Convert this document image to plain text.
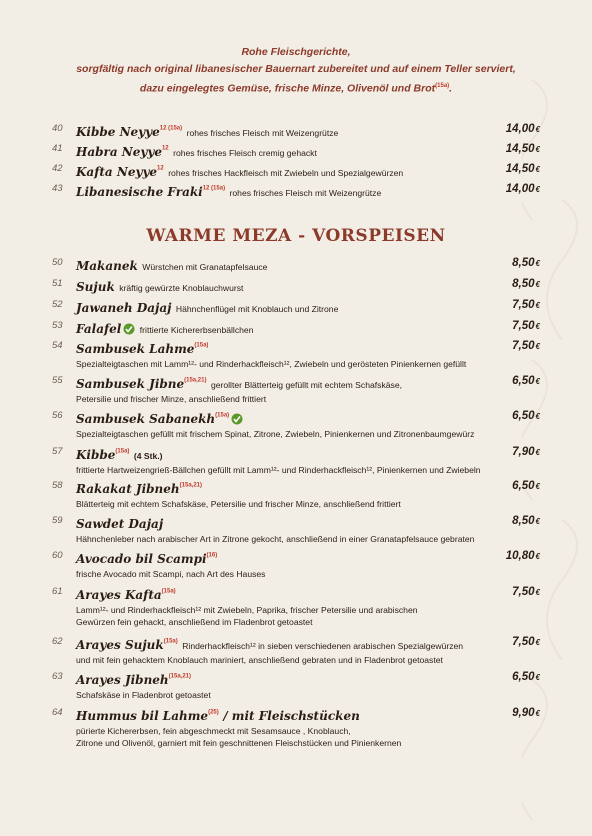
Rohe Fleischgerichte,
sorgfältig nach original libanesischer Bauernart zubereitet und auf einem Teller serviert,
dazu eingelegtes Gemüse, frische Minze, Olivenöl und Brot$^{(15a)}$.
40	Kibbe Neyye$^{12 (15a)}$ rohes frisches Fleisch mit Weizengrütze	14,00€
41	Habra Neyye$^{12}$ rohes frisches Fleisch cremig gehackt	14,50€
42	Kafta Neyye$^{12}$ rohes frisches Hackfleisch mit Zwiebeln und Spezialgewürzen	14,50€
43	Libanesische Fraki$^{12 (15a)}$ rohes frisches Fleisch mit Weizengrütze	14,00€
WARME MEZA - VORSPEISEN
50	Makanek Würstchen mit Granatapfelsauce	8,50€
51	Sujuk kräftig gewürzte Knoblauchwurst	8,50€
52	Jawaneh Dajaj Hähnchenflügel mit Knoblauch und Zitrone	7,50€
53	Falafel frittierte Kichererbsenbällchen	7,50€
54	Sambusek Lahme$^{(15a)}$
Spezialteigtaschen mit Lamm¹²- und Rinderhackfleisch¹², Zwiebeln und gerösteten Pinienkernen gefüllt
7,50€
55	Sambusek Jibne$^{(15a,21)}$ gerollter Blätterteig gefüllt mit echtem Schafskäse,
Petersilie und frischer Minze, anschließend frittiert
6,50€
56	Sambusek Sabanekh$^{(15a)}$
Spezialteigtaschen gefüllt mit frischem Spinat, Zitrone, Zwiebeln, Pinienkernen und Zitronenbaumgewürz
6,50€
57	Kibbe$^{(15a)}$ (4 Stk.)
frittierte Hartweizengrieß-Bällchen gefüllt mit Lamm¹²- und Rinderhackfleisch¹², Pinienkernen und Zwiebeln
7,90€
58	Rakakat Jibneh$^{(15a,21)}$
Blätterteig mit echtem Schafskäse, Petersilie und frischer Minze, anschließend frittiert
6,50€
59	Sawdet Dajaj
Hähnchenleber nach arabischer Art in Zitrone gekocht, anschließend in einer Granatapfelsauce gebraten
8,50€
60	Avocado bil Scampi$^{(16)}$
frische Avocado mit Scampi, nach Art des Hauses
10,80€
61	Arayes Kafta$^{(15a)}$
Lamm¹²- und Rinderhackfleisch¹² mit Zwiebeln, Paprika, frischer Petersilie und arabischen
Gewürzen fein gehackt, anschließend im Fladenbrot getoastet
7,50€
62	Arayes Sujuk$^{(15a)}$ Rinderhackfleisch¹² in sieben verschiedenen arabischen Spezialgewürzen
und mit fein gehacktem Knoblauch mariniert, anschließend gebraten und in Fladenbrot getoastet
7,50€
63	Arayes Jibneh$^{(15a,21)}$
Schafskäse in Fladenbrot getoastet
6,50€
64	Hummus bil Lahme$^{(25)}$ / mit Fleischstücken
pürierte Kichererbsen, fein abgeschmeckt mit Sesamsauce , Knoblauch,
Zitrone und Olivenöl, garniert mit fein geschnittenen Fleischstücken und Pinienkernen
9,90€
